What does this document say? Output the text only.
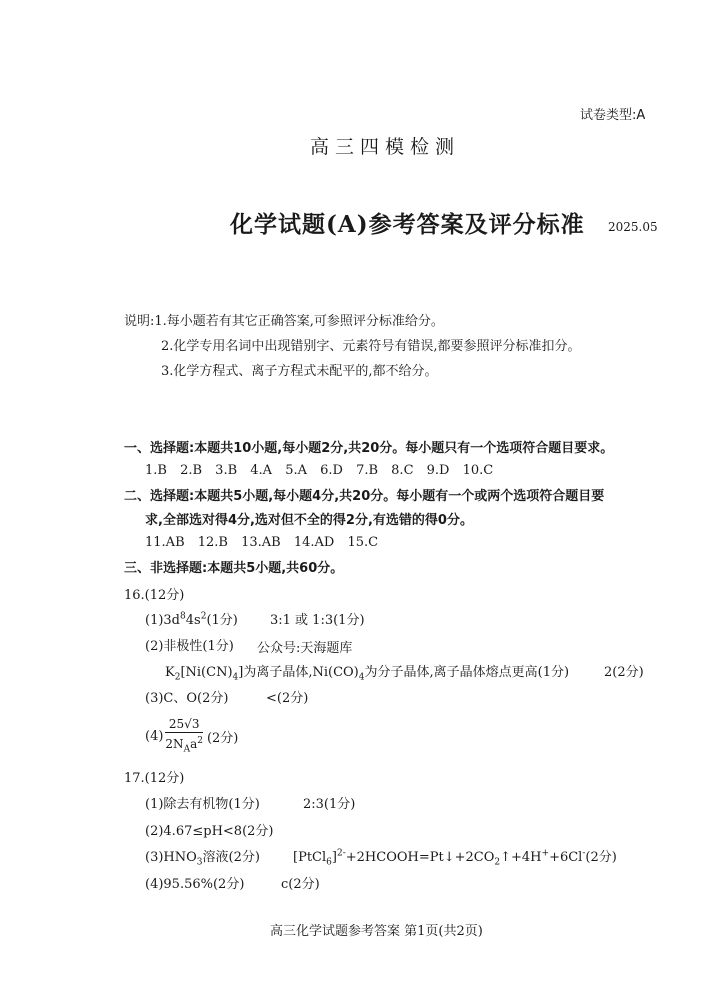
试卷类型:A
高三四模检测
化学试题(A)参考答案及评分标准 2025.05
说明:1.每小题若有其它正确答案,可参照评分标准给分。
2.化学专用名词中出现错别字、元素符号有错误,都要参照评分标准扣分。
3.化学方程式、离子方程式未配平的,都不给分。
一、选择题:本题共10小题,每小题2分,共20分。每小题只有一个选项符合题目要求。
1.B 2.B 3.B 4.A 5.A 6.D 7.B 8.C 9.D 10.C
二、选择题:本题共5小题,每小题4分,共20分。每小题有一个或两个选项符合题目要
求,全部选对得4分,选对但不全的得2分,有选错的得0分。
11.AB 12.B 13.AB 14.AD 15.C
三、非选择题:本题共5小题,共60分。
16.(12分)
$(1)3d^84s^2(1$分) 3:1 或 1:3(1分)
(2)非极性(1分) 公众号:天海题库
$K_2[Ni(CN)_4]$为离子晶体$,Ni(CO)_4$为分子晶体,离子晶体熔点更高(1分)	2(2分)
(3)C、O(2分)	<(2分)
$(4) \frac{25√3}{2N_Aa^2} (2$分)
17.(12分)
(1)除去有机物(1分)	2:3(1分)
(2)4.67≤pH<8(2分)
$(3)HNO_3$溶液(2分)	$[PtCl_6]^{2-}+2HCOOH=Pt↓+2CO_2↑+4H^++6Cl^-(2$分)
(4)95.56%(2分)	c(2分)
高三化学试题参考答案 第1页(共2页)
